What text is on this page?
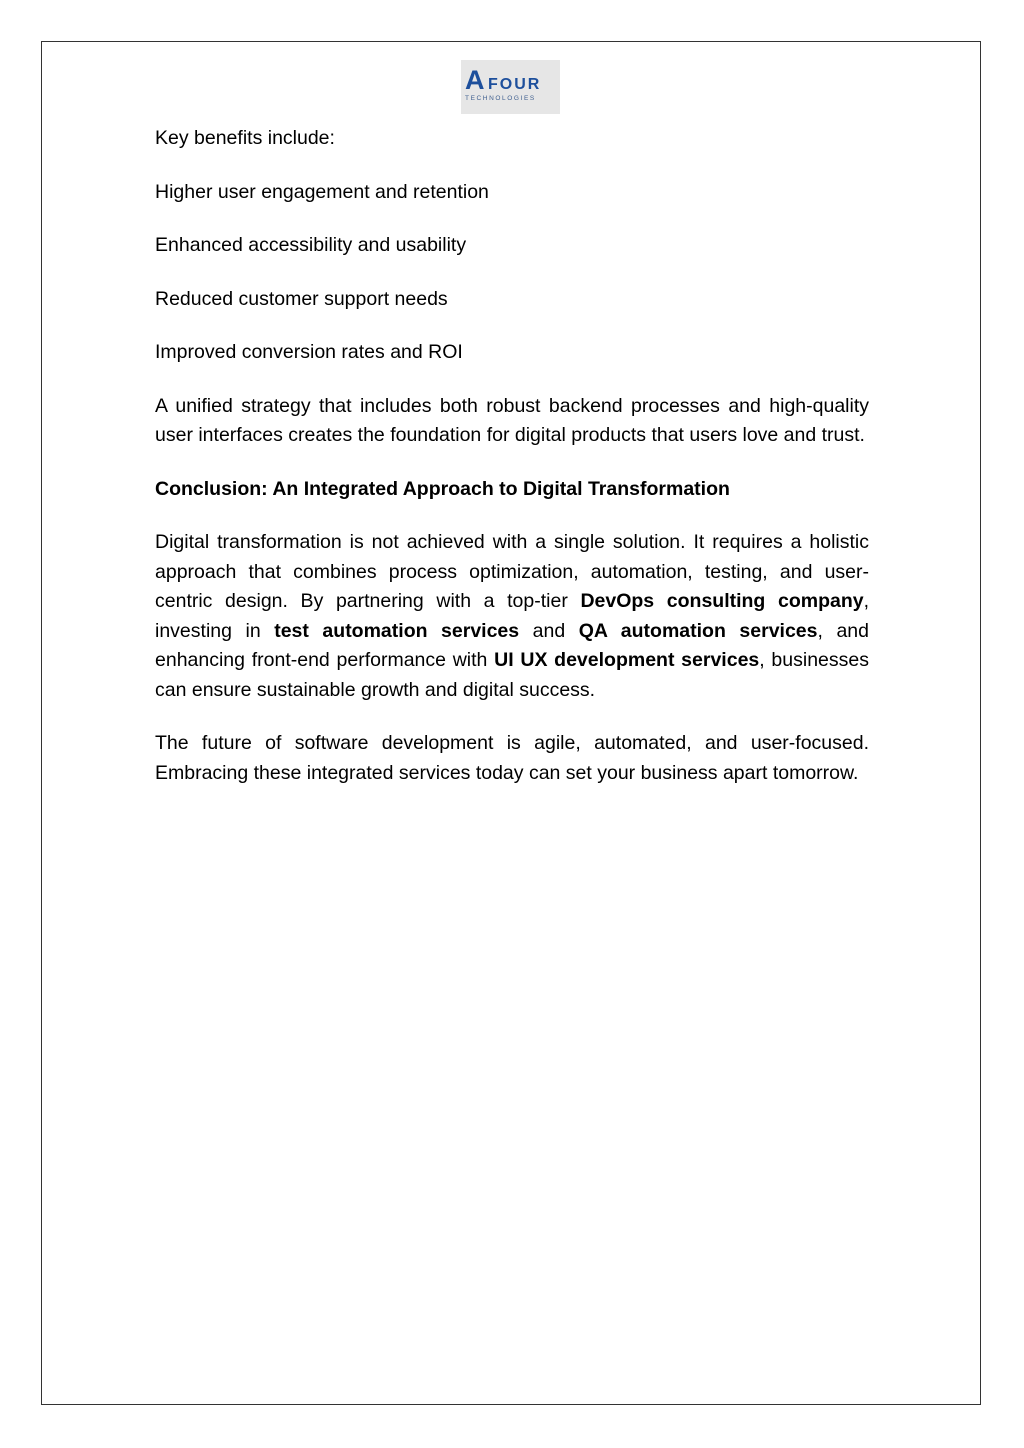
A FOUR
TECHNOLOGIES

Key benefits include:

Higher user engagement and retention

Enhanced accessibility and usability

Reduced customer support needs

Improved conversion rates and ROI

A unified strategy that includes both robust backend processes and high-quality user interfaces creates the foundation for digital products that users love and trust.

Conclusion: An Integrated Approach to Digital Transformation

Digital transformation is not achieved with a single solution. It requires a holistic approach that combines process optimization, automation, testing, and user-centric design. By partnering with a top-tier DevOps consulting company, investing in test automation services and QA automation services, and enhancing front-end performance with UI UX development services, businesses can ensure sustainable growth and digital success.

The future of software development is agile, automated, and user-focused. Embracing these integrated services today can set your business apart tomorrow.
